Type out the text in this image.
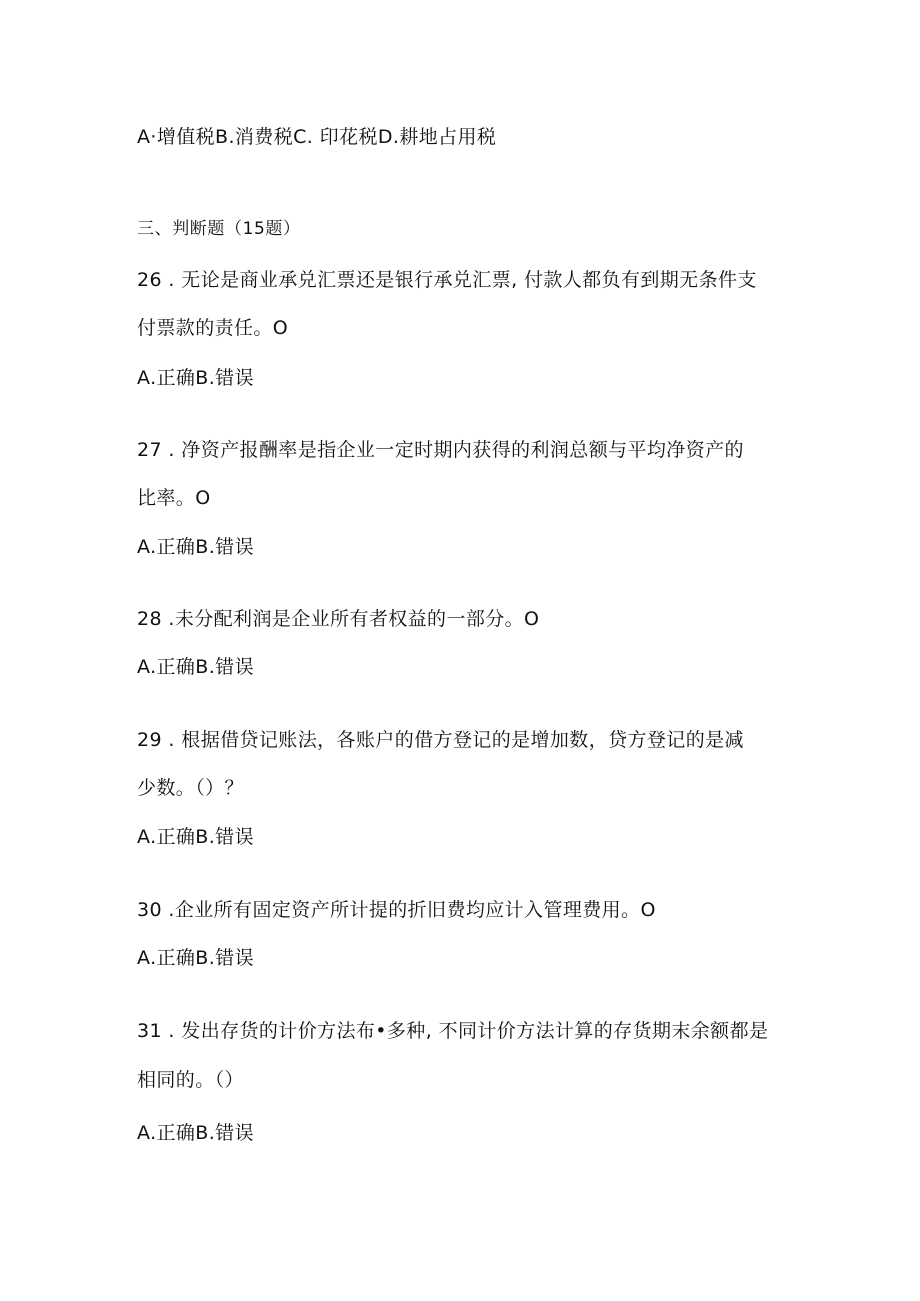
A·增值税B.消费税C. 印花税D.耕地占用税
三、判断题（15题）
26 . 无论是商业承兑汇票还是银行承兑汇票, 付款人都负有到期无条件支
付票款的责任。O
A.正确B.错误
27 . 净资产报酬率是指企业一定时期内获得的利润总额与平均净资产的
比率。O
A.正确B.错误
28 .未分配利润是企业所有者权益的一部分。O
A.正确B.错误
29 . 根据借贷记账法，各账户的借方登记的是增加数，贷方登记的是减
少数。（）？
A.正确B.错误
30 .企业所有固定资产所计提的折旧费均应计入管理费用。O
A.正确B.错误
31 . 发出存货的计价方法布•多种, 不同计价方法计算的存货期末余额都是
相同的。（）
A.正确B.错误
